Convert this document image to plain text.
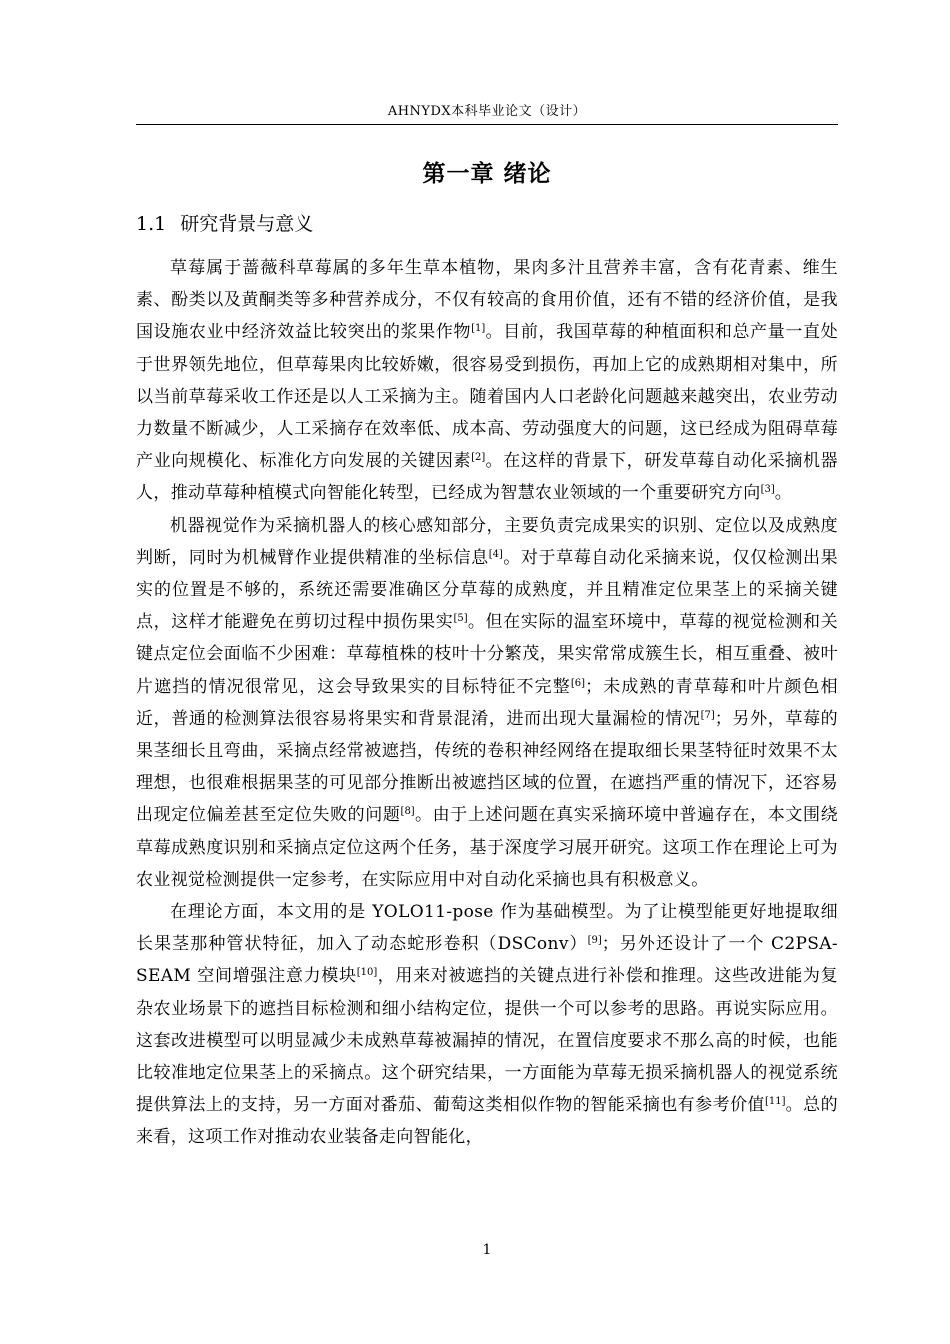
AHNYDX本科毕业论文（设计）
第一章 绪论
1.1 研究背景与意义

草莓属于蔷薇科草莓属的多年生草本植物，果肉多汁且营养丰富，含有花青素、维生素、酚类以及黄酮类等多种营养成分，不仅有较高的食用价值，还有不错的经济价值，是我国设施农业中经济效益比较突出的浆果作物[1]。目前，我国草莓的种植面积和总产量一直处于世界领先地位，但草莓果肉比较娇嫩，很容易受到损伤，再加上它的成熟期相对集中，所以当前草莓采收工作还是以人工采摘为主。随着国内人口老龄化问题越来越突出，农业劳动力数量不断减少，人工采摘存在效率低、成本高、劳动强度大的问题，这已经成为阻碍草莓产业向规模化、标准化方向发展的关键因素[2]。在这样的背景下，研发草莓自动化采摘机器人，推动草莓种植模式向智能化转型，已经成为智慧农业领域的一个重要研究方向[3]。

机器视觉作为采摘机器人的核心感知部分，主要负责完成果实的识别、定位以及成熟度判断，同时为机械臂作业提供精准的坐标信息[4]。对于草莓自动化采摘来说，仅仅检测出果实的位置是不够的，系统还需要准确区分草莓的成熟度，并且精准定位果茎上的采摘关键点，这样才能避免在剪切过程中损伤果实[5]。但在实际的温室环境中，草莓的视觉检测和关键点定位会面临不少困难：草莓植株的枝叶十分繁茂，果实常常成簇生长，相互重叠、被叶片遮挡的情况很常见，这会导致果实的目标特征不完整[6]；未成熟的青草莓和叶片颜色相近，普通的检测算法很容易将果实和背景混淆，进而出现大量漏检的情况[7]；另外，草莓的果茎细长且弯曲，采摘点经常被遮挡，传统的卷积神经网络在提取细长果茎特征时效果不太理想，也很难根据果茎的可见部分推断出被遮挡区域的位置，在遮挡严重的情况下，还容易出现定位偏差甚至定位失败的问题[8]。由于上述问题在真实采摘环境中普遍存在，本文围绕草莓成熟度识别和采摘点定位这两个任务，基于深度学习展开研究。这项工作在理论上可为农业视觉检测提供一定参考，在实际应用中对自动化采摘也具有积极意义。

在理论方面，本文用的是 YOLO11-pose 作为基础模型。为了让模型能更好地提取细长果茎那种管状特征，加入了动态蛇形卷积（DSConv）[9]；另外还设计了一个 C2PSA-SEAM 空间增强注意力模块[10]，用来对被遮挡的关键点进行补偿和推理。这些改进能为复杂农业场景下的遮挡目标检测和细小结构定位，提供一个可以参考的思路。再说实际应用。这套改进模型可以明显减少未成熟草莓被漏掉的情况，在置信度要求不那么高的时候，也能比较准地定位果茎上的采摘点。这个研究结果，一方面能为草莓无损采摘机器人的视觉系统提供算法上的支持，另一方面对番茄、葡萄这类相似作物的智能采摘也有参考价值[11]。总的来看，这项工作对推动农业装备走向智能化，

1
